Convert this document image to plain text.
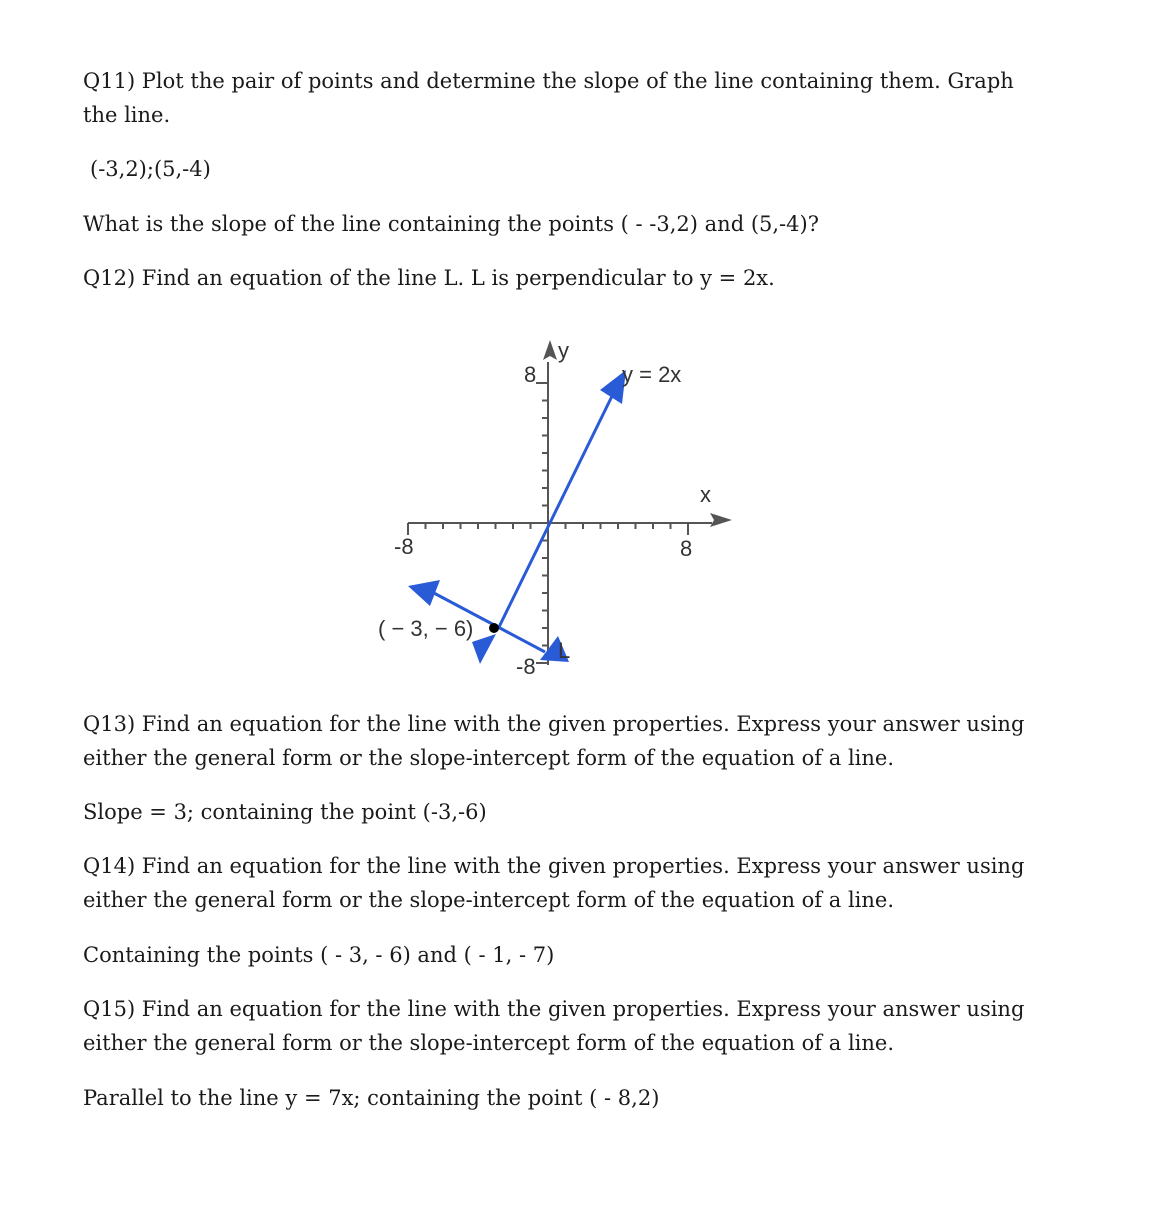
Q11) Plot the pair of points and determine the slope of the line containing them. Graph the line.

(-3,2);(5,-4)

What is the slope of the line containing the points ( - -3,2) and (5,-4)?

Q12) Find an equation of the line L. L is perpendicular to y = 2x.

y
x
y = 2x
L
( − 3, − 6)
8
-8
-8	8

Q13) Find an equation for the line with the given properties. Express your answer using either the general form or the slope-intercept form of the equation of a line.

Slope = 3; containing the point (-3,-6)

Q14) Find an equation for the line with the given properties. Express your answer using either the general form or the slope-intercept form of the equation of a line.

Containing the points ( - 3, - 6) and ( - 1, - 7)

Q15) Find an equation for the line with the given properties. Express your answer using either the general form or the slope-intercept form of the equation of a line.

Parallel to the line y = 7x; containing the point ( - 8,2)
